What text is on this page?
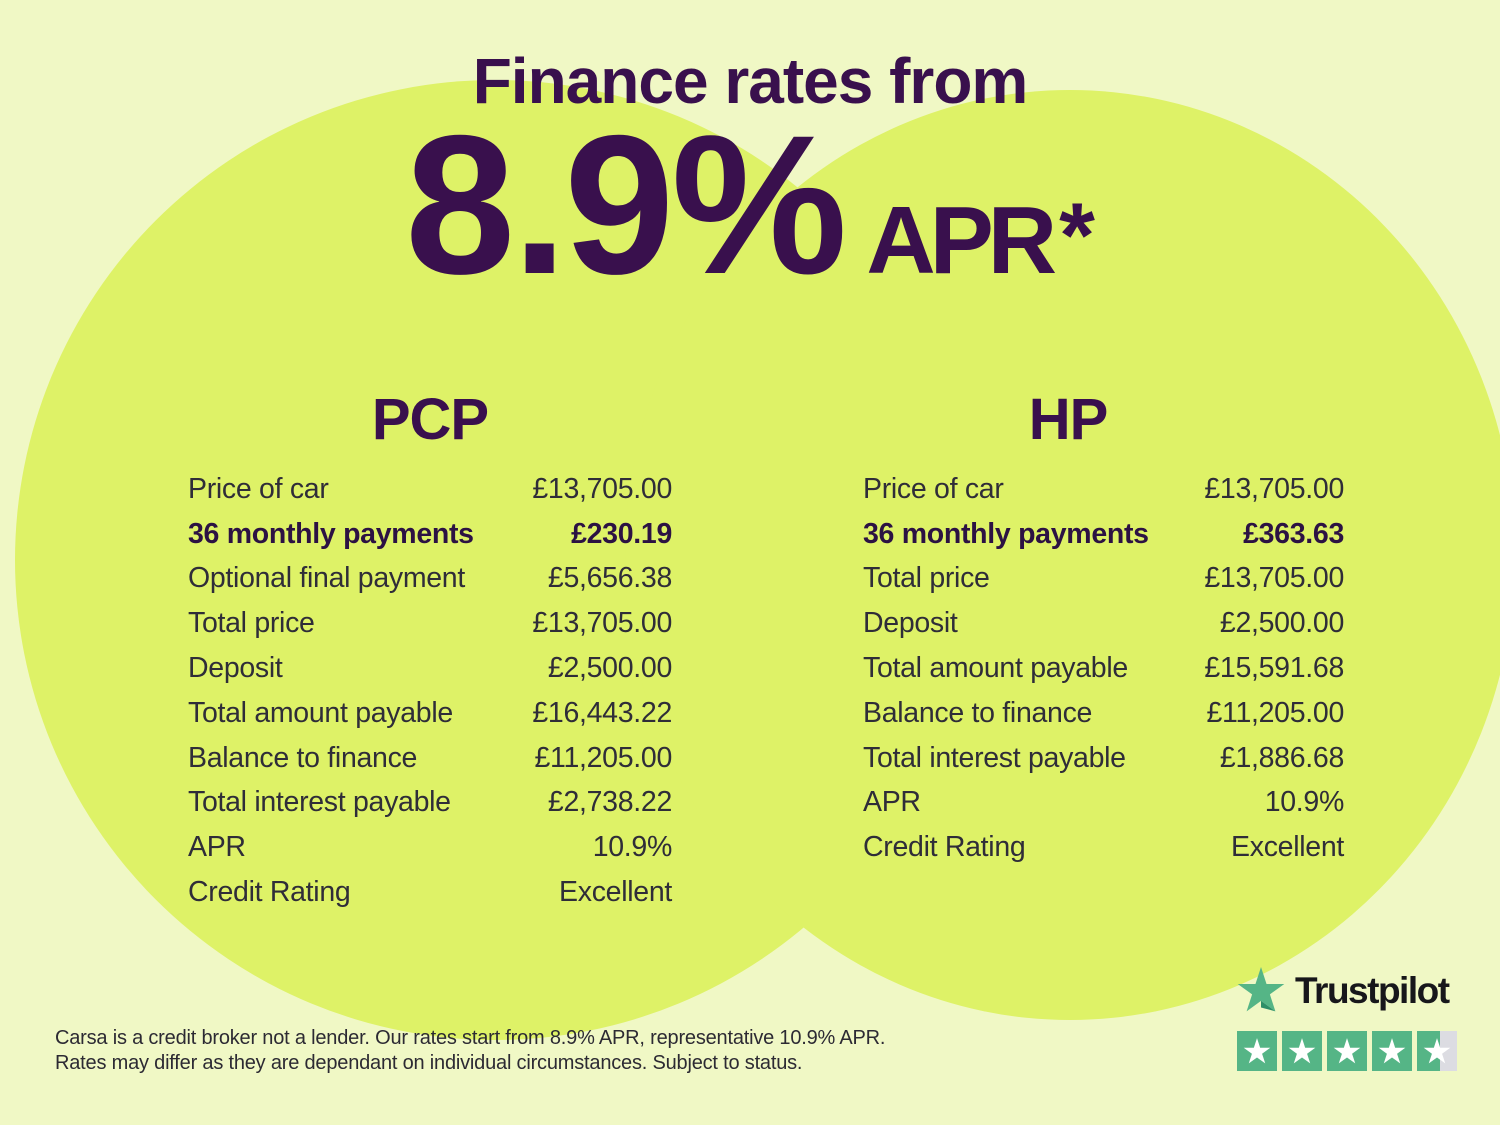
Finance rates from
8.9% APR *
PCP	HP
Price of car	£13,705.00
36 monthly payments	£230.19
Optional final payment	£5,656.38
Total price	£13,705.00
Deposit	£2,500.00
Total amount payable	£16,443.22
Balance to finance	£11,205.00
Total interest payable	£2,738.22
APR	10.9%
Credit Rating	Excellent
Price of car	£13,705.00
36 monthly payments	£363.63
Total price	£13,705.00
Deposit	£2,500.00
Total amount payable	£15,591.68
Balance to finance	£11,205.00
Total interest payable	£1,886.68
APR	10.9%
Credit Rating	Excellent
Carsa is a credit broker not a lender. Our rates start from 8.9% APR, representative 10.9% APR.
Rates may differ as they are dependant on individual circumstances. Subject to status.
Trustpilot
